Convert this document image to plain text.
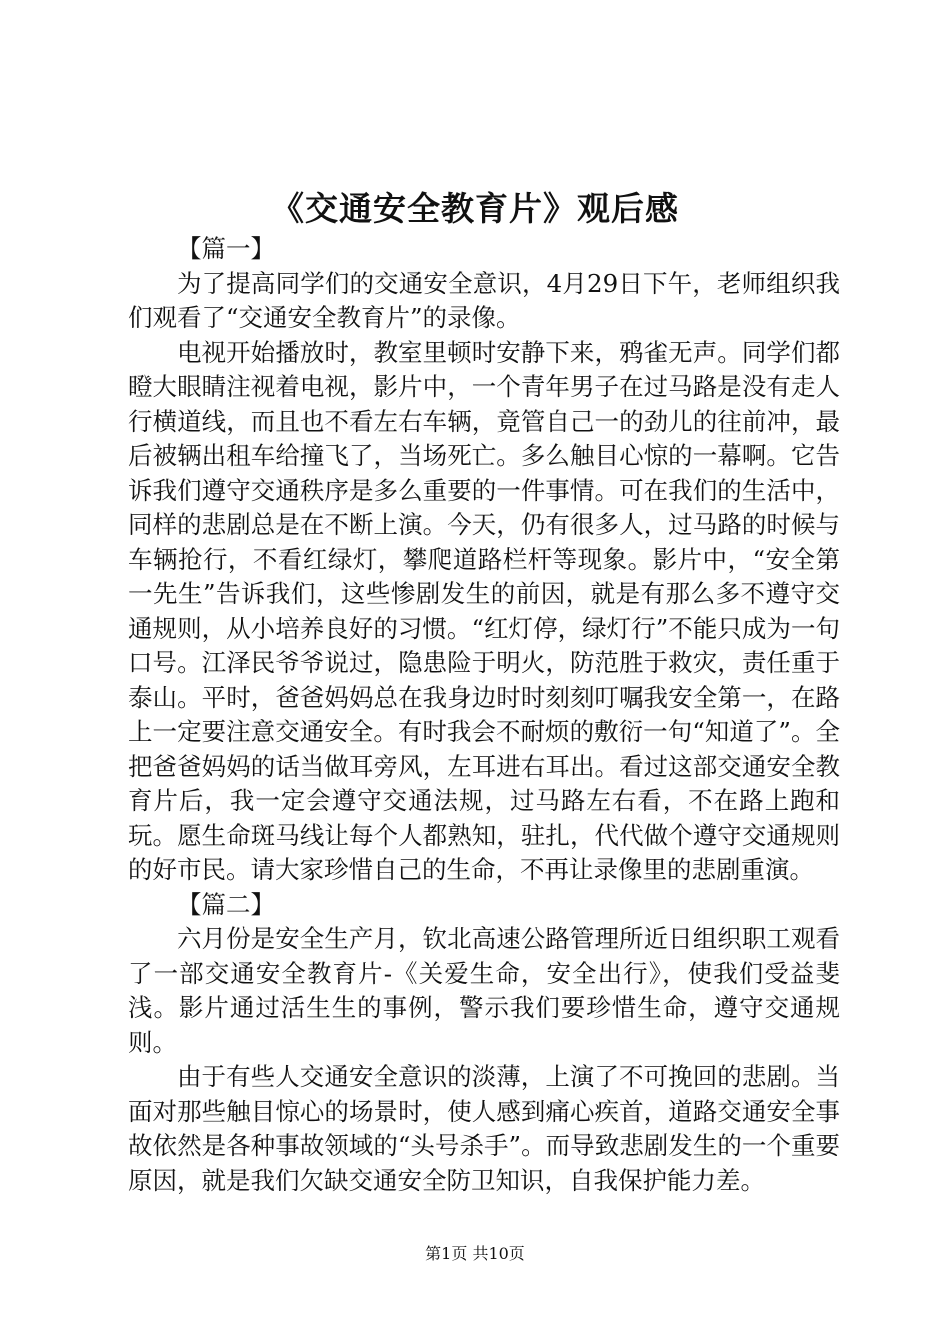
《交通安全教育片》观后感

【篇一】

为了提高同学们的交通安全意识，4月29日下午，老师组织我们观看了“交通安全教育片”的录像。

电视开始播放时，教室里顿时安静下来，鸦雀无声。同学们都瞪大眼睛注视着电视，影片中，一个青年男子在过马路是没有走人行横道线，而且也不看左右车辆，竟管自己一的劲儿的往前冲，最后被辆出租车给撞飞了，当场死亡。多么触目心惊的一幕啊。它告诉我们遵守交通秩序是多么重要的一件事情。可在我们的生活中，同样的悲剧总是在不断上演。今天，仍有很多人，过马路的时候与车辆抢行，不看红绿灯，攀爬道路栏杆等现象。影片中，“安全第一先生”告诉我们，这些惨剧发生的前因，就是有那么多不遵守交通规则，从小培养良好的习惯。“红灯停，绿灯行”不能只成为一句口号。江泽民爷爷说过，隐患险于明火，防范胜于救灾，责任重于泰山。平时，爸爸妈妈总在我身边时时刻刻叮嘱我安全第一，在路上一定要注意交通安全。有时我会不耐烦的敷衍一句“知道了”。全把爸爸妈妈的话当做耳旁风，左耳进右耳出。看过这部交通安全教育片后，我一定会遵守交通法规，过马路左右看，不在路上跑和玩。愿生命斑马线让每个人都熟知，驻扎，代代做个遵守交通规则的好市民。请大家珍惜自己的生命，不再让录像里的悲剧重演。

【篇二】

六月份是安全生产月，钦北高速公路管理所近日组织职工观看了一部交通安全教育片-《关爱生命，安全出行》，使我们受益斐浅。影片通过活生生的事例，警示我们要珍惜生命，遵守交通规则。

由于有些人交通安全意识的淡薄，上演了不可挽回的悲剧。当面对那些触目惊心的场景时，使人感到痛心疾首，道路交通安全事故依然是各种事故领域的“头号杀手”。而导致悲剧发生的一个重要原因，就是我们欠缺交通安全防卫知识，自我保护能力差。

第1页 共10页
